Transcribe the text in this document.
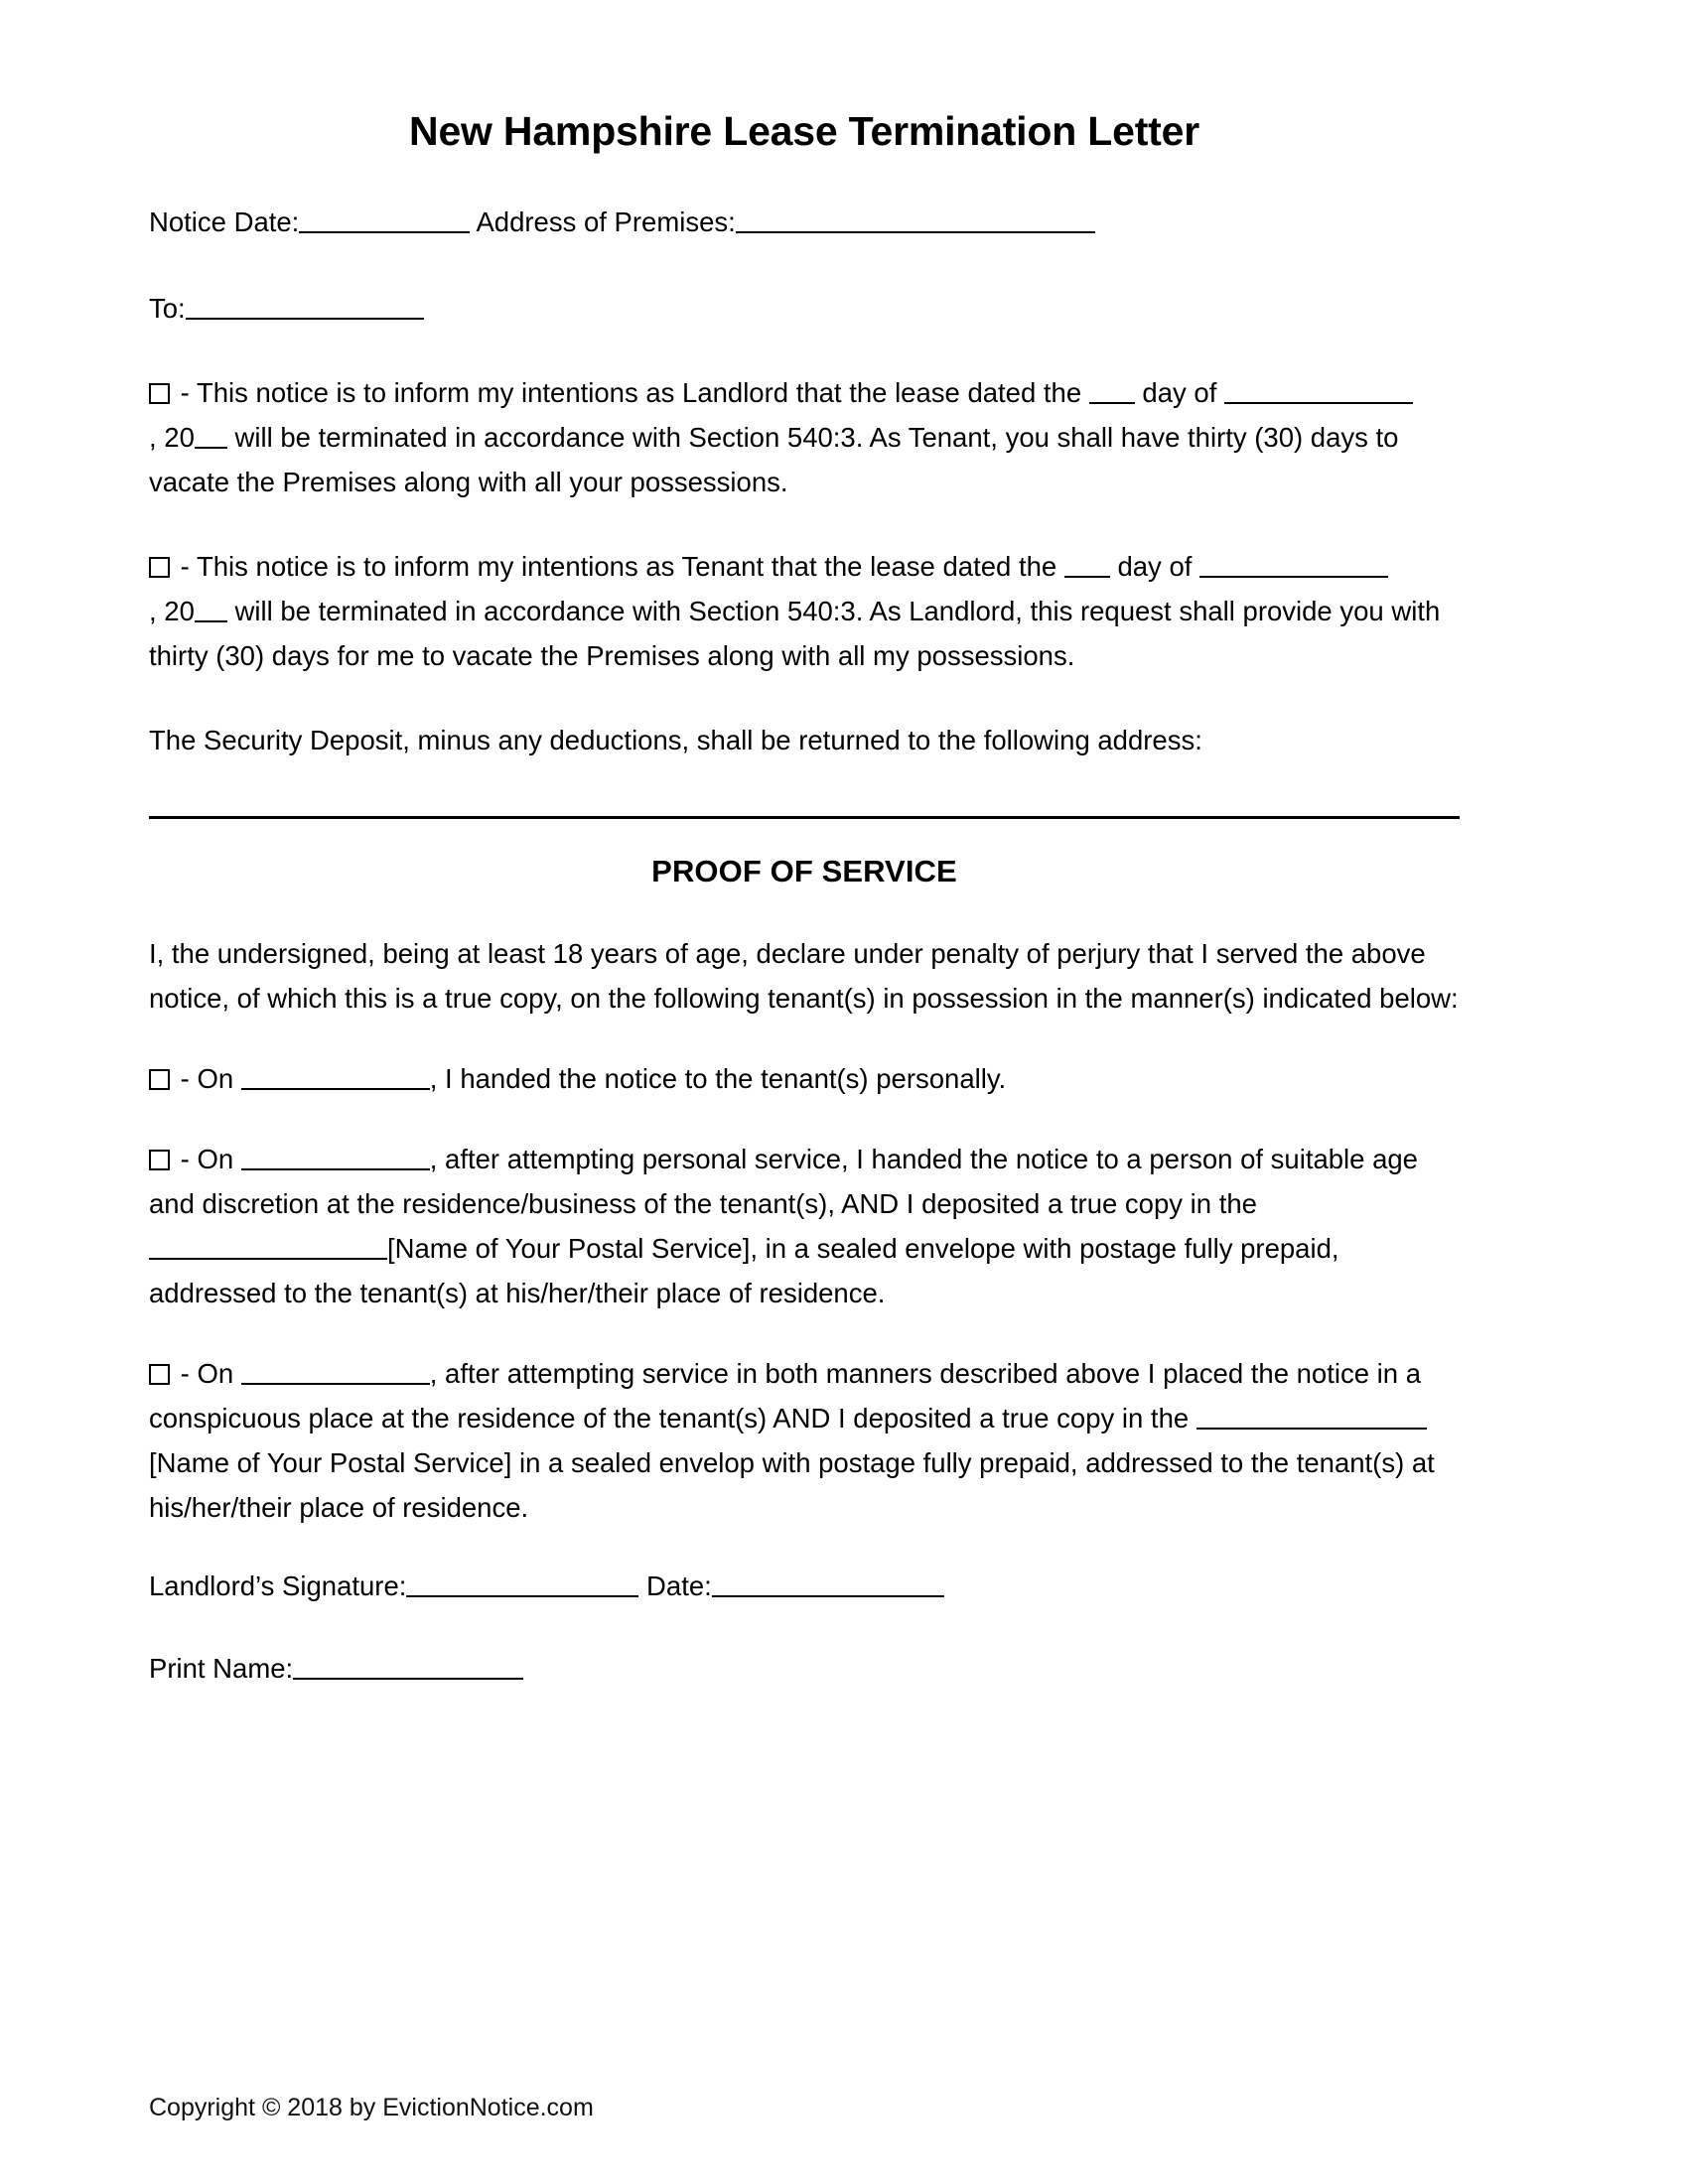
New Hampshire Lease Termination Letter
Notice Date:	Address of Premises:
To:

- This notice is to inform my intentions as Landlord that the lease dated the day of , 20 will be terminated in accordance with Section 540:3. As Tenant, you shall have thirty (30) days to vacate the Premises along with all your possessions.

- This notice is to inform my intentions as Tenant that the lease dated the day of , 20 will be terminated in accordance with Section 540:3. As Landlord, this request shall provide you with thirty (30) days for me to vacate the Premises along with all my possessions.

The Security Deposit, minus any deductions, shall be returned to the following address:

PROOF OF SERVICE

I, the undersigned, being at least 18 years of age, declare under penalty of perjury that I served the above notice, of which this is a true copy, on the following tenant(s) in possession in the manner(s) indicated below:

- On	, I handed the notice to the tenant(s) personally.

- On	, after attempting personal service, I handed the notice to a person of suitable age and discretion at the residence/business of the tenant(s), AND I deposited a true copy in the [Name of Your Postal Service], in a sealed envelope with postage fully prepaid, addressed to the tenant(s) at his/her/their place of residence.

- On	, after attempting service in both manners described above I placed the notice in a conspicuous place at the residence of the tenant(s) AND I deposited a true copy in the  [Name of Your Postal Service] in a sealed envelop with postage fully prepaid, addressed to the tenant(s) at his/her/their place of residence.

Landlord’s Signature:	Date:
Print Name:
Copyright © 2018 by EvictionNotice.com
